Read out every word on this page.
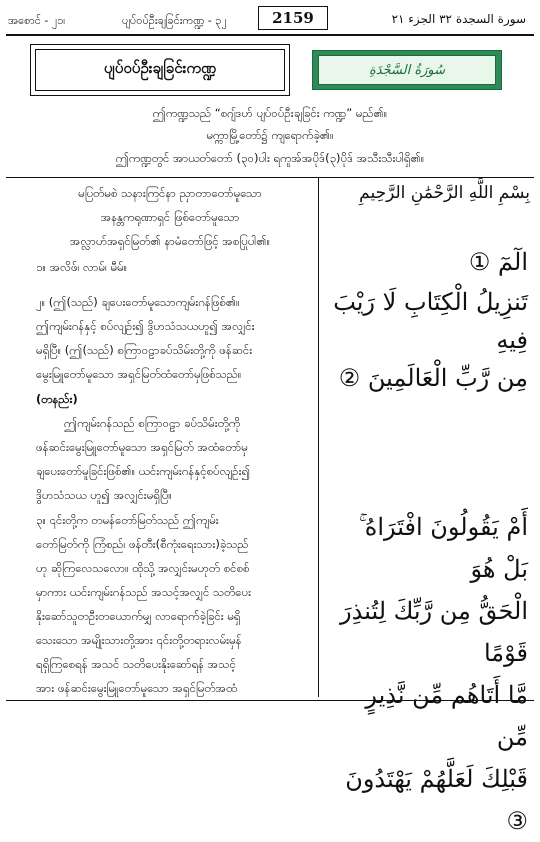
အစောင် - ၂၁၊	ပျပ်ဝပ်ဦးချခြင်းကဏ္ဍ - ၃၂	2159	سورة السجدة ٣٢ الجزء ٢١
ပျပ်ဝပ်ဦးချခြင်းကဏ္ဍ	سُورَةُ السَّجْدَةِ
ဤကဏ္ဍသည် “စဂျ်ဒဟ် ပျပ်ဝပ်ဦးချခြင်း ကဏ္ဍ” မည်၏။
မက္ကာမြို့တော်၌ ကျရောက်ခဲ့၏။
ဤကဏ္ဍတွင် အာယတ်တော် (၃၀)ပါး ရကူအ်အပိုဒ်(၃)ပိုဒ် အသီးသီးပါရှိ၏။
မပြတ်မစဲ သနားကြင်နာ ညှာတာတော်မူသော
အနန္တကရုဏာရှင် ဖြစ်တော်မူသော
အလ္လာဟ်အရှင်မြတ်၏ နာမံတော်ဖြင့် အစပြုပါ၏။
၁။ အလိဖ်၊ လာမ်၊ မီမ်။
၂။ (ဤ(သည်) ချပေးတော်မူသောကျမ်းဂန်ဖြစ်၏။
ဤကျမ်းဂန်နှင့် စပ်လျဉ်း၍ ဒွိဟသံသယဟူ၍ အလျှင်း
မရှိပြီ။ (ဤ(သည်) စကြာဝဠာခပ်သိမ်းတို့ကို ဖန်ဆင်း
မွေးမြူတော်မူသော အရှင်မြတ်ထံတော်မှဖြစ်သည်။
(တနည်း)
ဤကျမ်းဂန်သည် စကြာဝဠာ ခပ်သိမ်းတို့ကို
ဖန်ဆင်းမွေးမြူတော်မူသော အရှင်မြတ် အထံတော်မှ
ချပေးတော်မူခြင်းဖြစ်၏။ ယင်းကျမ်းဂန်နှင့်စပ်လျဉ်း၍
ဒွိဟသံသယ ဟူ၍ အလျှင်းမရှိပြီ။
၃။ ၎င်းတို့က တမန်တော်မြတ်သည် ဤကျမ်း
တော်မြတ်ကို ကြံစည်၊ ဖန်တီး(စီကုံးရေးသား)ခဲ့သည်
ဟု ဆိုကြလေသလော။ ထိုသို့ အလျှင်းမဟုတ် စင်စစ်
မှာကား ယင်းကျမ်းဂန်သည် အသင့်အလျှင် သတိပေး
နိုးဆော်သူတဦးတယောက်မျှ လာရောက်ခဲ့ခြင်း မရှိ
သေးသော အမျိုးသားတို့အား ၎င်းတို့တရားလမ်းမှန်
ရရှိကြစေရန် အသင် သတိပေးနိုးဆော်ရန် အသင့်
အား ဖန်ဆင်းမွေးမြူတော်မူသော အရှင်မြတ်အထံ
بِسْمِ اللَّهِ الرَّحْمَٰنِ الرَّحِيمِ
الٓمٓ ①
تَنزِيلُ الْكِتَابِ لَا رَيْبَ فِيهِ
مِن رَّبِّ الْعَالَمِينَ ②
أَمْ يَقُولُونَ افْتَرَاهُ ۚ بَلْ هُوَ
الْحَقُّ مِن رَّبِّكَ لِتُنذِرَ قَوْمًا
مَّا أَتَاهُم مِّن نَّذِيرٍ مِّن
قَبْلِكَ لَعَلَّهُمْ يَهْتَدُونَ ③
